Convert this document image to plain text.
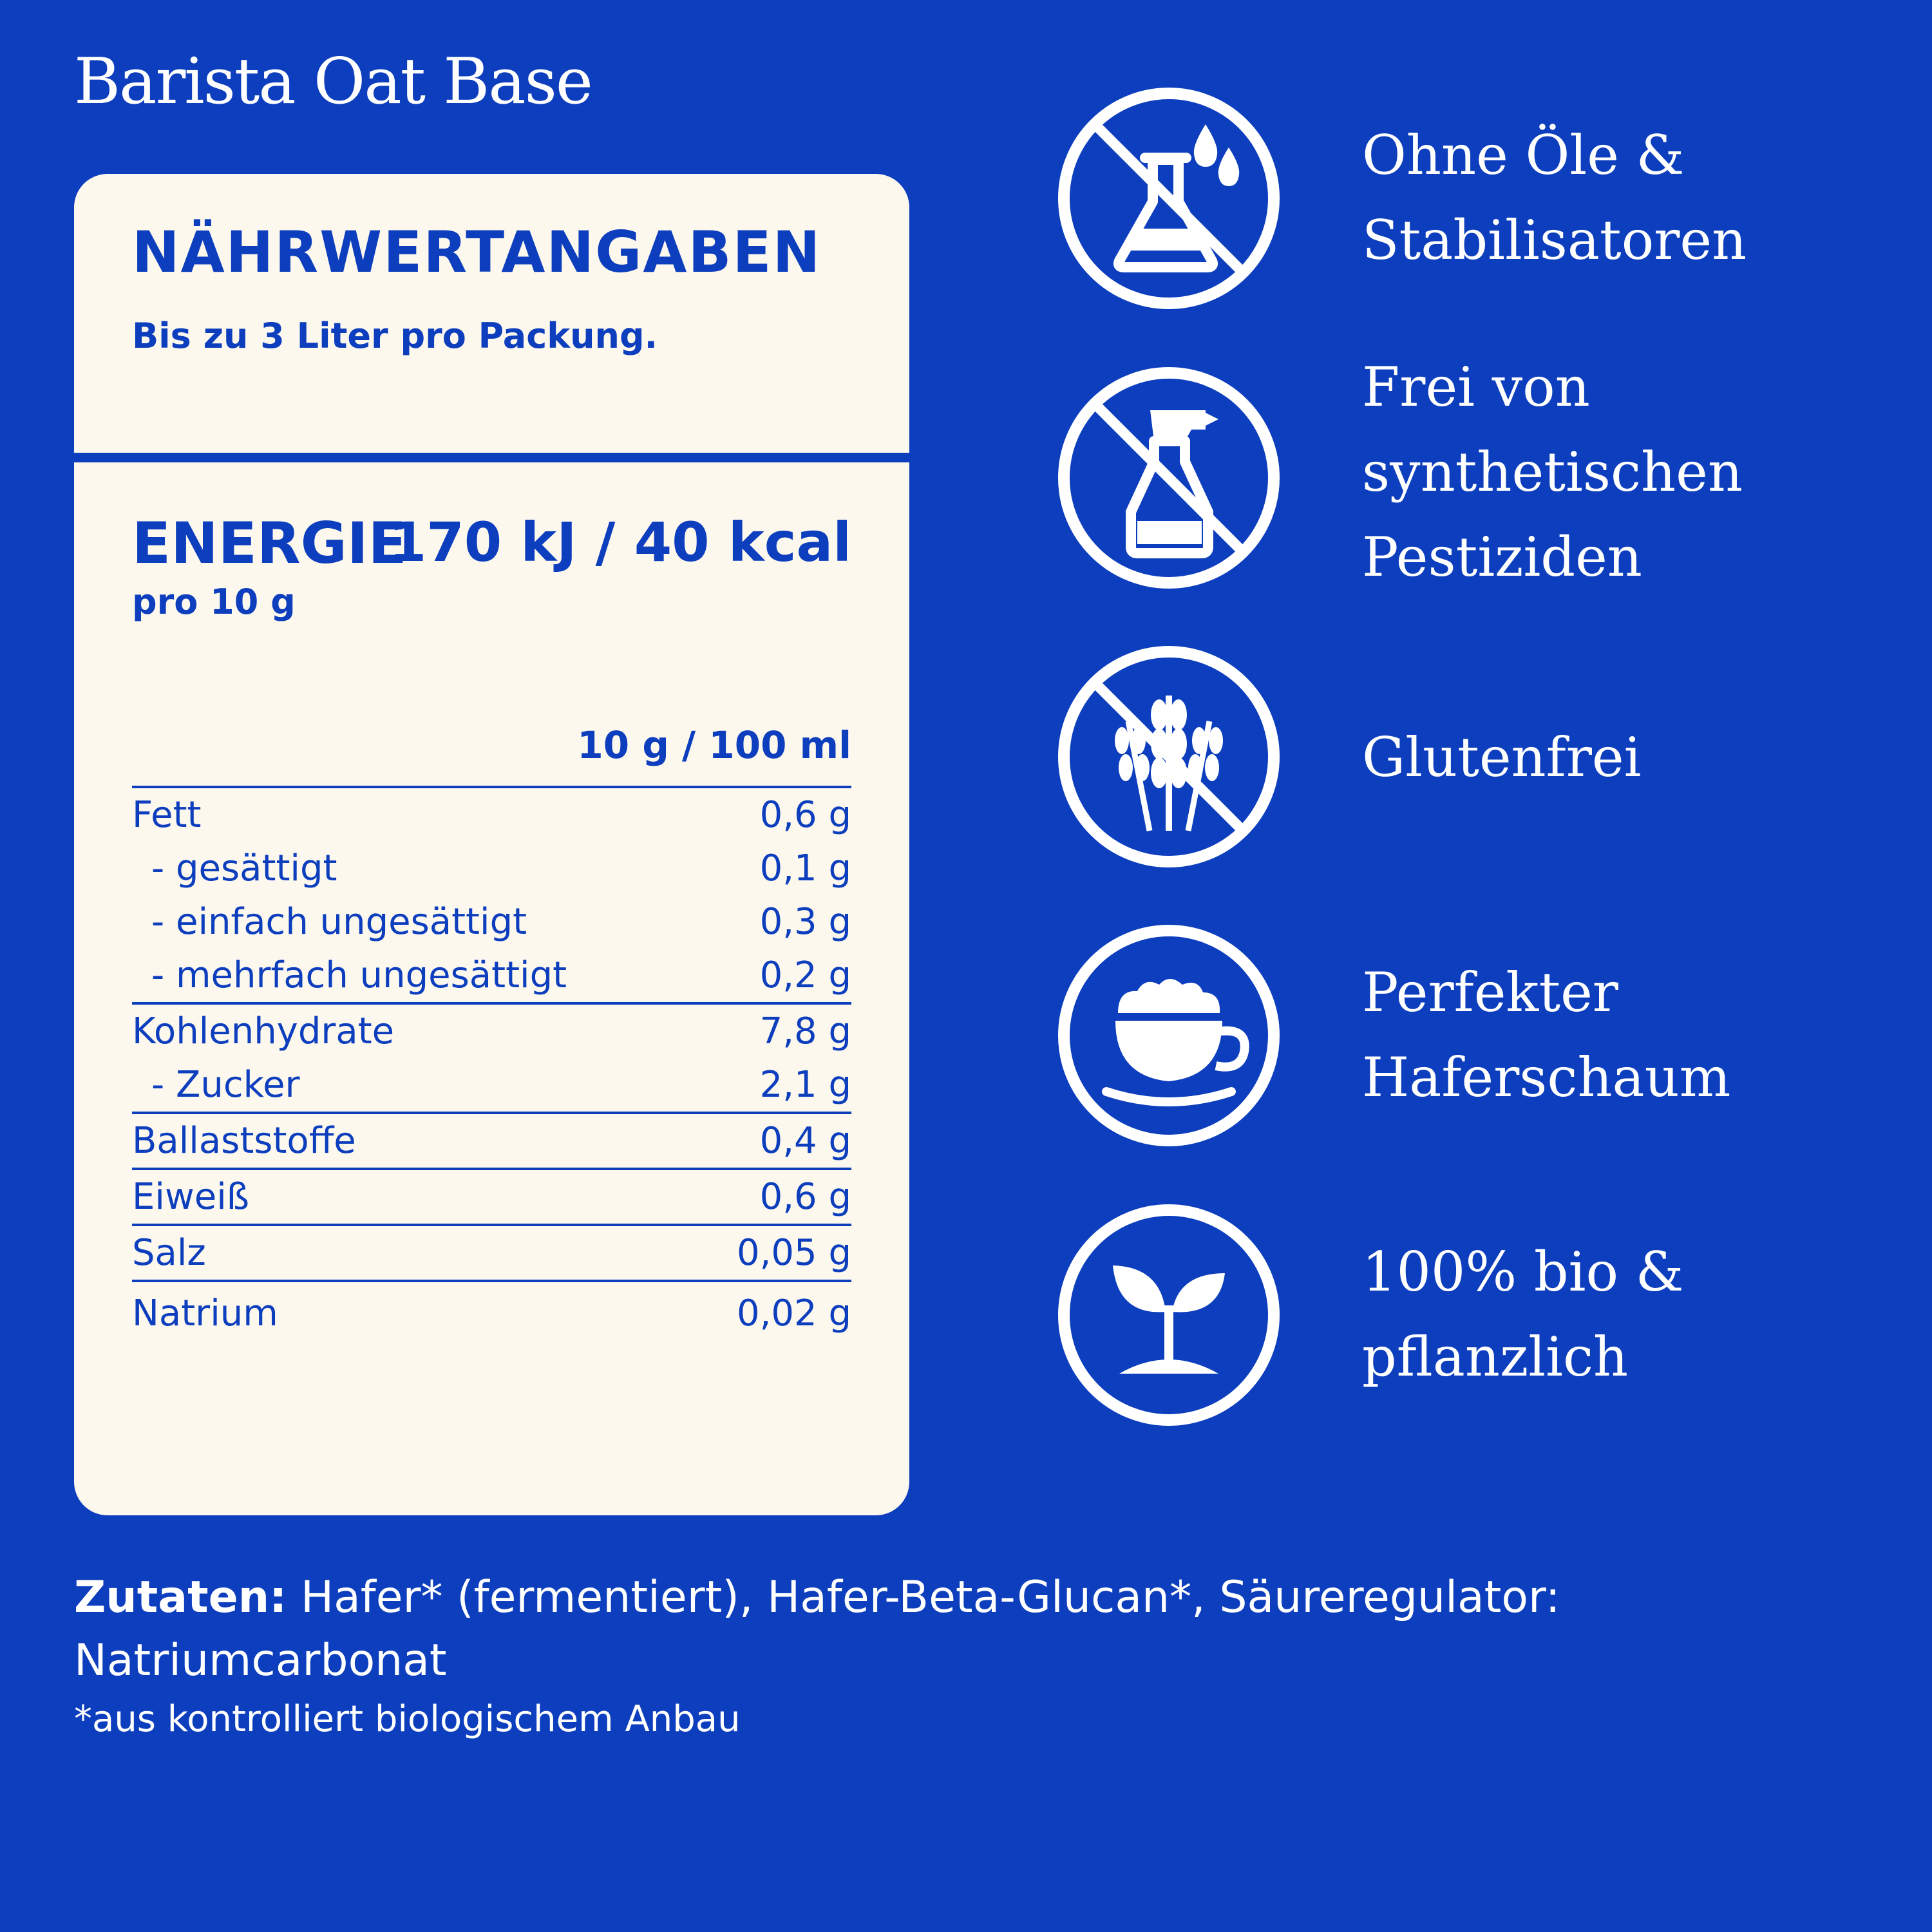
Barista Oat Base
NÄHRWERTANGABEN
Bis zu 3 Liter pro Packung.
ENERGIE
170 kJ / 40 kcal
pro 10 g
10 g / 100 ml
Fett	0,6 g
- gesättigt	0,1 g
- einfach ungesättigt	0,3 g
- mehrfach ungesättigt	0,2 g
Kohlenhydrate	7,8 g
- Zucker	2,1 g
Ballaststoffe	0,4 g
Eiweiß	0,6 g
Salz	0,05 g
Natrium	0,02 g
Ohne Öle &
Stabilisatoren
Frei von
synthetischen
Pestiziden
Glutenfrei
Perfekter
Haferschaum
100% bio &
pflanzlich
Zutaten: Hafer* (fermentiert), Hafer-Beta-Glucan*, Säureregulator: Natriumcarbonat
*aus kontrolliert biologischem Anbau
